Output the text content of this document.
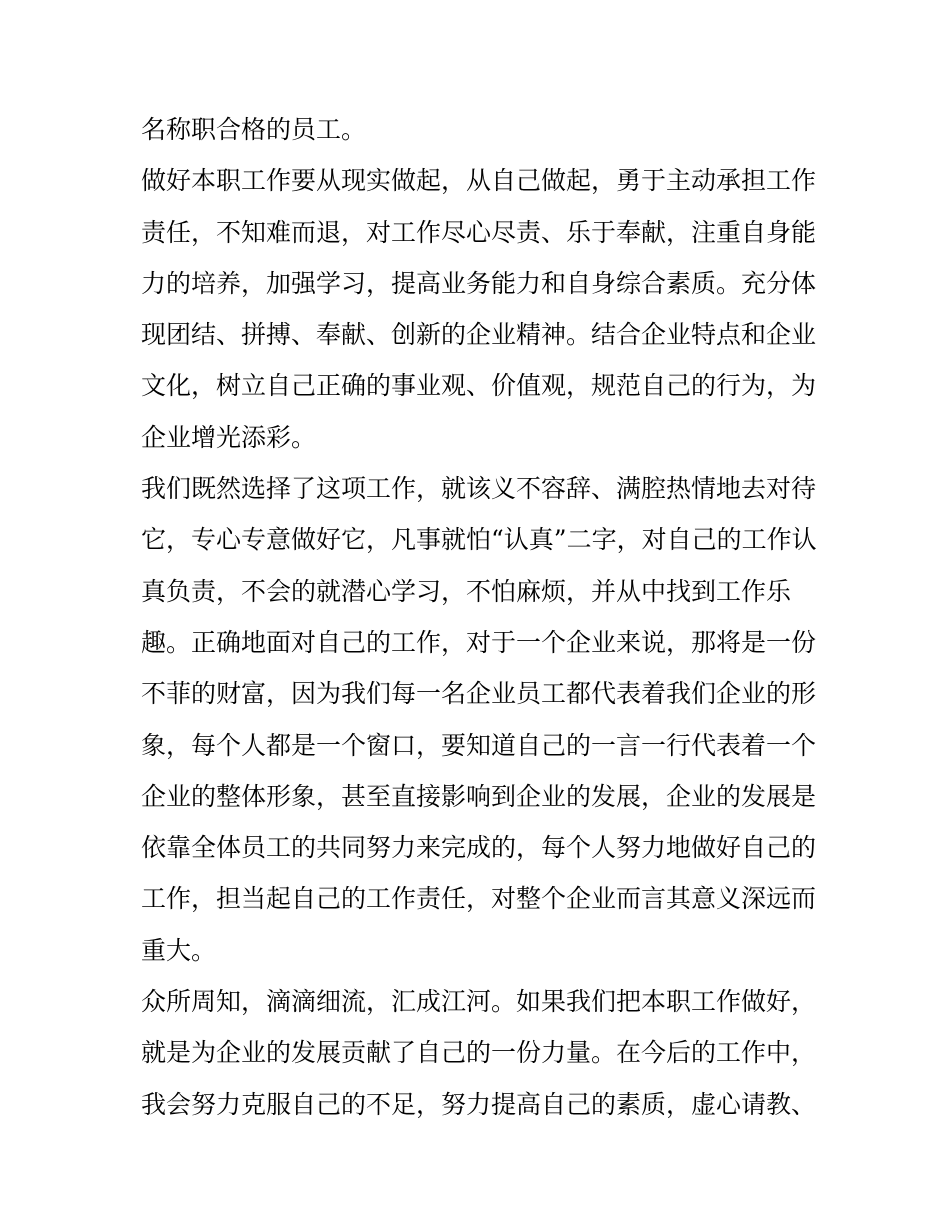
名称职合格的员工。
做好本职工作要从现实做起，从自己做起，勇于主动承担工作
责任，不知难而退，对工作尽心尽责、乐于奉献，注重自身能
力的培养，加强学习，提高业务能力和自身综合素质。充分体
现团结、拼搏、奉献、创新的企业精神。结合企业特点和企业
文化，树立自己正确的事业观、价值观，规范自己的行为，为
企业增光添彩。
我们既然选择了这项工作，就该义不容辞、满腔热情地去对待
它，专心专意做好它，凡事就怕“认真”二字，对自己的工作认
真负责，不会的就潜心学习，不怕麻烦，并从中找到工作乐
趣。正确地面对自己的工作，对于一个企业来说，那将是一份
不菲的财富，因为我们每一名企业员工都代表着我们企业的形
象，每个人都是一个窗口，要知道自己的一言一行代表着一个
企业的整体形象，甚至直接影响到企业的发展，企业的发展是
依靠全体员工的共同努力来完成的，每个人努力地做好自己的
工作，担当起自己的工作责任，对整个企业而言其意义深远而
重大。
众所周知，滴滴细流，汇成江河。如果我们把本职工作做好，
就是为企业的发展贡献了自己的一份力量。在今后的工作中，
我会努力克服自己的不足，努力提高自己的素质，虚心请教、
